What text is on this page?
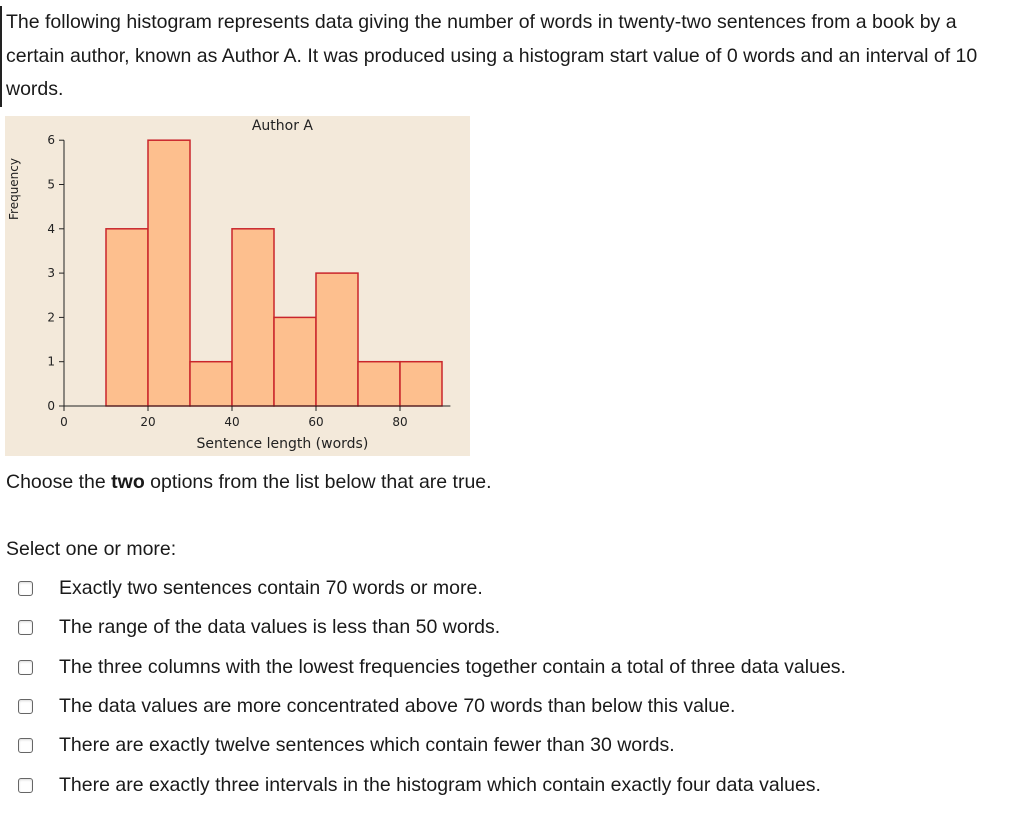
The following histogram represents data giving the number of words in twenty-two sentences from a book by a certain author, known as Author A. It was produced using a histogram start value of 0 words and an interval of 10 words.
0
1
2
3
4
5
6
0	20	40	60	80
Author A
Sentence length (words)
Frequency
Choose the two options from the list below that are true.
Select one or more:
Exactly two sentences contain 70 words or more.
The range of the data values is less than 50 words.
The three columns with the lowest frequencies together contain a total of three data values.
The data values are more concentrated above 70 words than below this value.
There are exactly twelve sentences which contain fewer than 30 words.
There are exactly three intervals in the histogram which contain exactly four data values.
